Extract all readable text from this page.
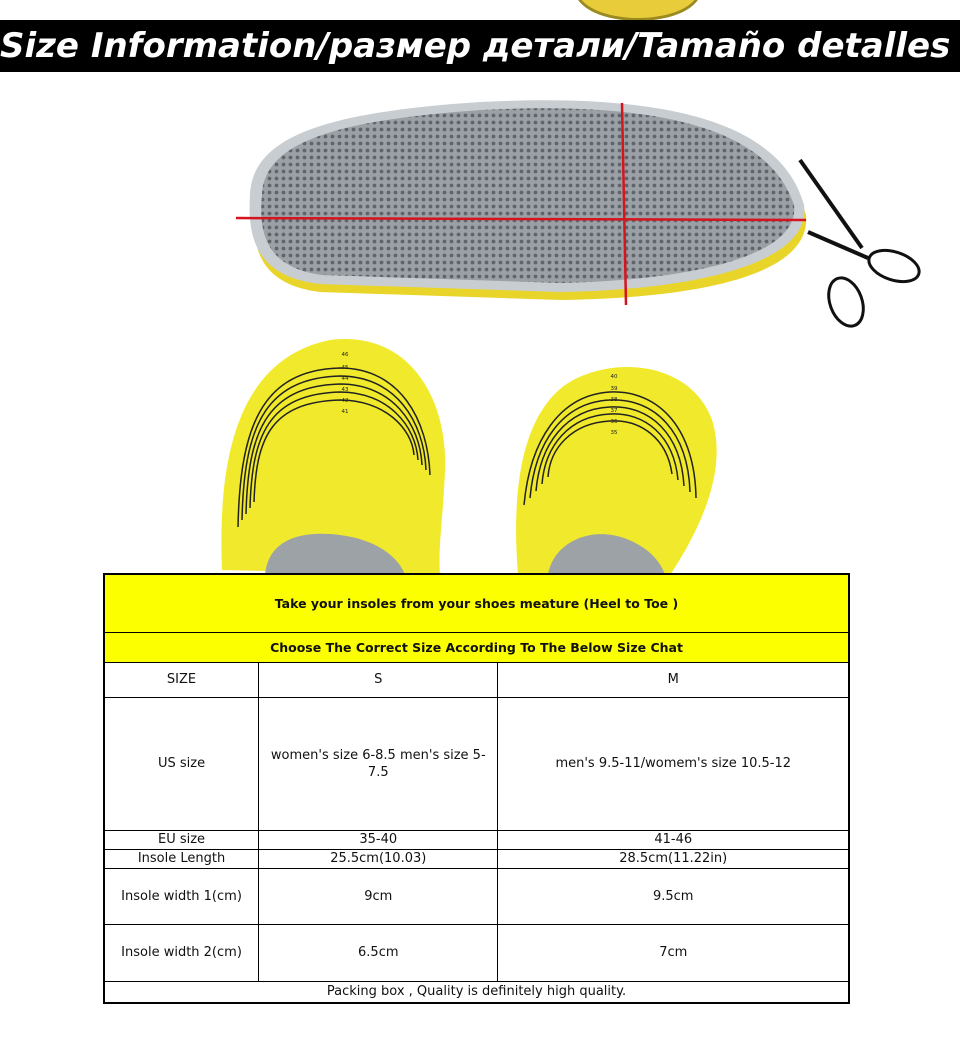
Size Information/размер детали/Tamaño detalles
46
45
44
43
42
41
40
39
38
37
36
35
Take your insoles from your shoes meature (Heel to Toe )		
Choose The Correct Size According To The Below Size Chat		
SIZE	S	M
US size	women's size 6-8.5 men's size 5-7.5	men's 9.5-11/womem's size 10.5-12
EU size	35-40	41-46
Insole Length	25.5cm(10.03)	28.5cm(11.22in)
Insole width 1(cm)	9cm	9.5cm
Insole width 2(cm)	6.5cm	7cm
Packing box , Quality is definitely high quality.		
